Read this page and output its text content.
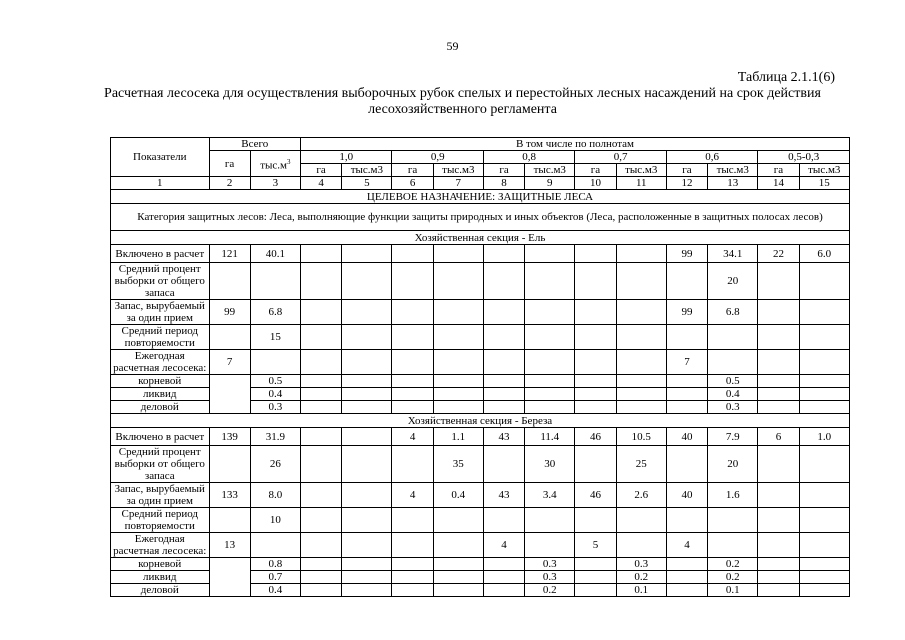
59
Таблица 2.1.1(6)
Расчетная лесосека для осуществления выборочных рубок спелых и перестойных лесных насаждений на срок действия лесохозяйственного регламента
Показатели	Всего		В том числе по полнотам											
	га	$тыс.м^3$	1,0		0,9		0,8		0,7		0,6		0,5-0,3	
			га	тыс.м3	га	тыс.м3	га	тыс.м3	га	тыс.м3	га	тыс.м3	га	тыс.м3
1	2	3	4	5	6	7	8	9	10	11	12	13	14	15
ЦЕЛЕВОЕ НАЗНАЧЕНИЕ: ЗАЩИТНЫЕ ЛЕСА														
Категория защитных лесов: Леса, выполняющие функции защиты природных и иных объектов (Леса, расположенные в защитных полосах лесов)														
Хозяйственная секция - Ель														
Включено в расчет	121	40.1									99	34.1	22	6.0
Средний процент выборки от общего запаса												20		
Запас, вырубаемый за один прием	99	6.8									99	6.8		
Средний период повторяемости		15												
Ежегодная расчетная лесосека:	7										7			
корневой		0.5										0.5		
ликвид		0.4										0.4		
деловой		0.3										0.3		
Хозяйственная секция - Береза														
Включено в расчет	139	31.9			4	1.1	43	11.4	46	10.5	40	7.9	6	1.0
Средний процент выборки от общего запаса		26				35		30		25		20		
Запас, вырубаемый за один прием	133	8.0			4	0.4	43	3.4	46	2.6	40	1.6		
Средний период повторяемости		10												
Ежегодная расчетная лесосека:	13						4		5		4			
корневой		0.8						0.3		0.3		0.2		
ликвид		0.7						0.3		0.2		0.2		
деловой		0.4						0.2		0.1		0.1		
